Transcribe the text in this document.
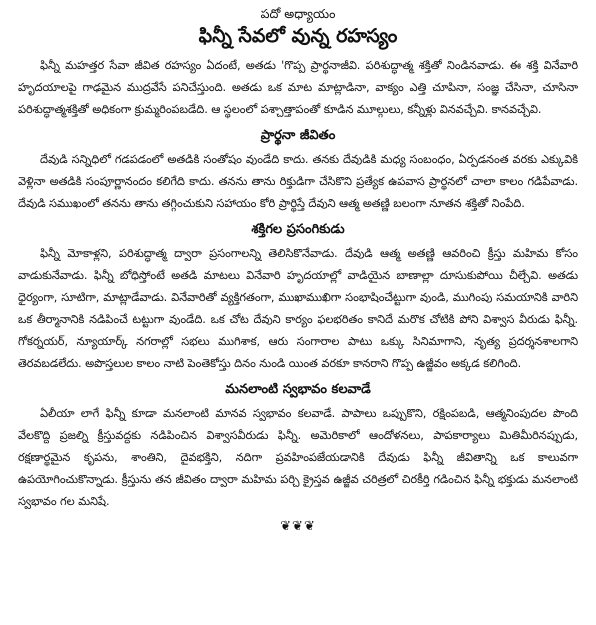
పదో అధ్యాయం

ఫిన్నీ సేవలో వున్న రహస్యం

ఫిన్నీ మహత్తర సేవా జీవిత రహస్యం ఏదంటే, అతడు 'గొప్ప ప్రార్థనాజీవి. పరిశుద్ధాత్మ శక్తితో నిండినవాడు. ఈ శక్తి వినేవారి హృదయాలపై గాఢమైన ముద్రవేసే పనిచేస్తుంది. అతడు ఒక మాట మాట్లాడినా, వాక్యం ఎత్తి చూపినా, సంజ్ఞ చేసినా, చూసినా పరిశుద్ధాత్మశక్తితో అధికంగా క్రుమ్మరింపబడేది. ఆ స్థలంలో పశ్చాత్తాపంతో కూడిన మూల్గులు, కన్నీళ్లు వినవచ్చేవి. కానవచ్చేవి.

ప్రార్థనా జీవితం

దేవుడి సన్నిధిలో గడపడంలో అతడికి సంతోషం వుండేది కాదు. తనకు దేవుడికి మధ్య సంబంధం, ఏర్పడనంత వరకు ఎక్కువికి వెళ్లినా అతడికి సంపూర్ణానందం కలిగేది కాదు. తనను తాను రిక్తుడిగా చేసికొని ప్రత్యేక ఉపవాస ప్రార్థనలో చాలా కాలం గడిపేవాడు. దేవుడి సముఖంలో తనను తాను తగ్గించుకుని సహాయం కోరి ప్రార్థిస్తే దేవుని ఆత్మ అతణ్ణి బలంగా నూతన శక్తితో నింపేది.

శక్తిగల ప్రసంగికుడు

ఫిన్నీ మోకాళ్లని, పరిశుద్ధాత్మ ద్వారా ప్రసంగాలన్ని తెలిసికొనేవాడు. దేవుడి ఆత్మ అతణ్ణి ఆవరించి క్రీస్తు మహిమ కోసం వాడుకునేవాడు. ఫిన్నీ బోధిస్తోంటే అతడి మాటలు వినేవారి హృదయాల్లో వాడియైన బాణాల్లా దూసుకుపోయి చీల్చేవి. అతడు ధైర్యంగా, సూటిగా, మాట్లాడేవాడు. వినేవారితో వ్యక్తిగతంగా, ముఖాముఖిగా సంభాషించేట్టుగా వుండి, ముగింపు సమయానికి వారిని ఒక తీర్మానానికి నడిపించే టట్టుగా వుండేది. ఒక చోట దేవుని కార్యం ఫలభరితం కానిదే మరొక చోటికి పోని విశ్వాస వీరుడు ఫిన్నీ. గోకర్నయర్, న్యూయార్క్ నగరాల్లో సభలు ముగిశాక, ఆరు సంగారాల పాటు ఒక్కు సినిమాగాని, నృత్య ప్రదర్శనశాలగాని తెరవబడలేదు. అపొస్తలుల కాలం నాటి పెంతెకోస్తు దినం నుండి యింత వరకూ కానరాని గొప్ప ఉజ్జీవం అక్కడ కలిగింది.

మనలాంటి స్వభావం కలవాడే

ఏలీయా లాగే ఫిన్నీ కూడా మనలాంటి మానవ స్వభావం కలవాడే. పాపాలు ఒప్పుకొని, రక్షింపబడి, ఆత్మనింపుదల పొంది వేలకొద్ది ప్రజల్ని క్రీస్తువద్దకు నడిపించిన విశ్వాసవీరుడు ఫిన్నీ. అమెరికాలో ఆందోళనలు, పాపకార్యాలు మితిమీరినప్పుడు, రక్షణార్థమైన కృపను, శాంతిని, దైవభక్తిని, నదిగా ప్రవహింపజేయడానికి దేవుడు ఫిన్నీ జీవితాన్ని ఒక కాలువగా ఉపయోగించుకొన్నాడు. క్రీస్తును తన జీవితం ద్వారా మహిమ పర్చి క్రైస్తవ ఉజ్జీవ చరిత్రలో చిరకీర్తి గడించిన ఫిన్నీ భక్తుడు మనలాంటి స్వభావం గల మనిషే.

❦❦❦
